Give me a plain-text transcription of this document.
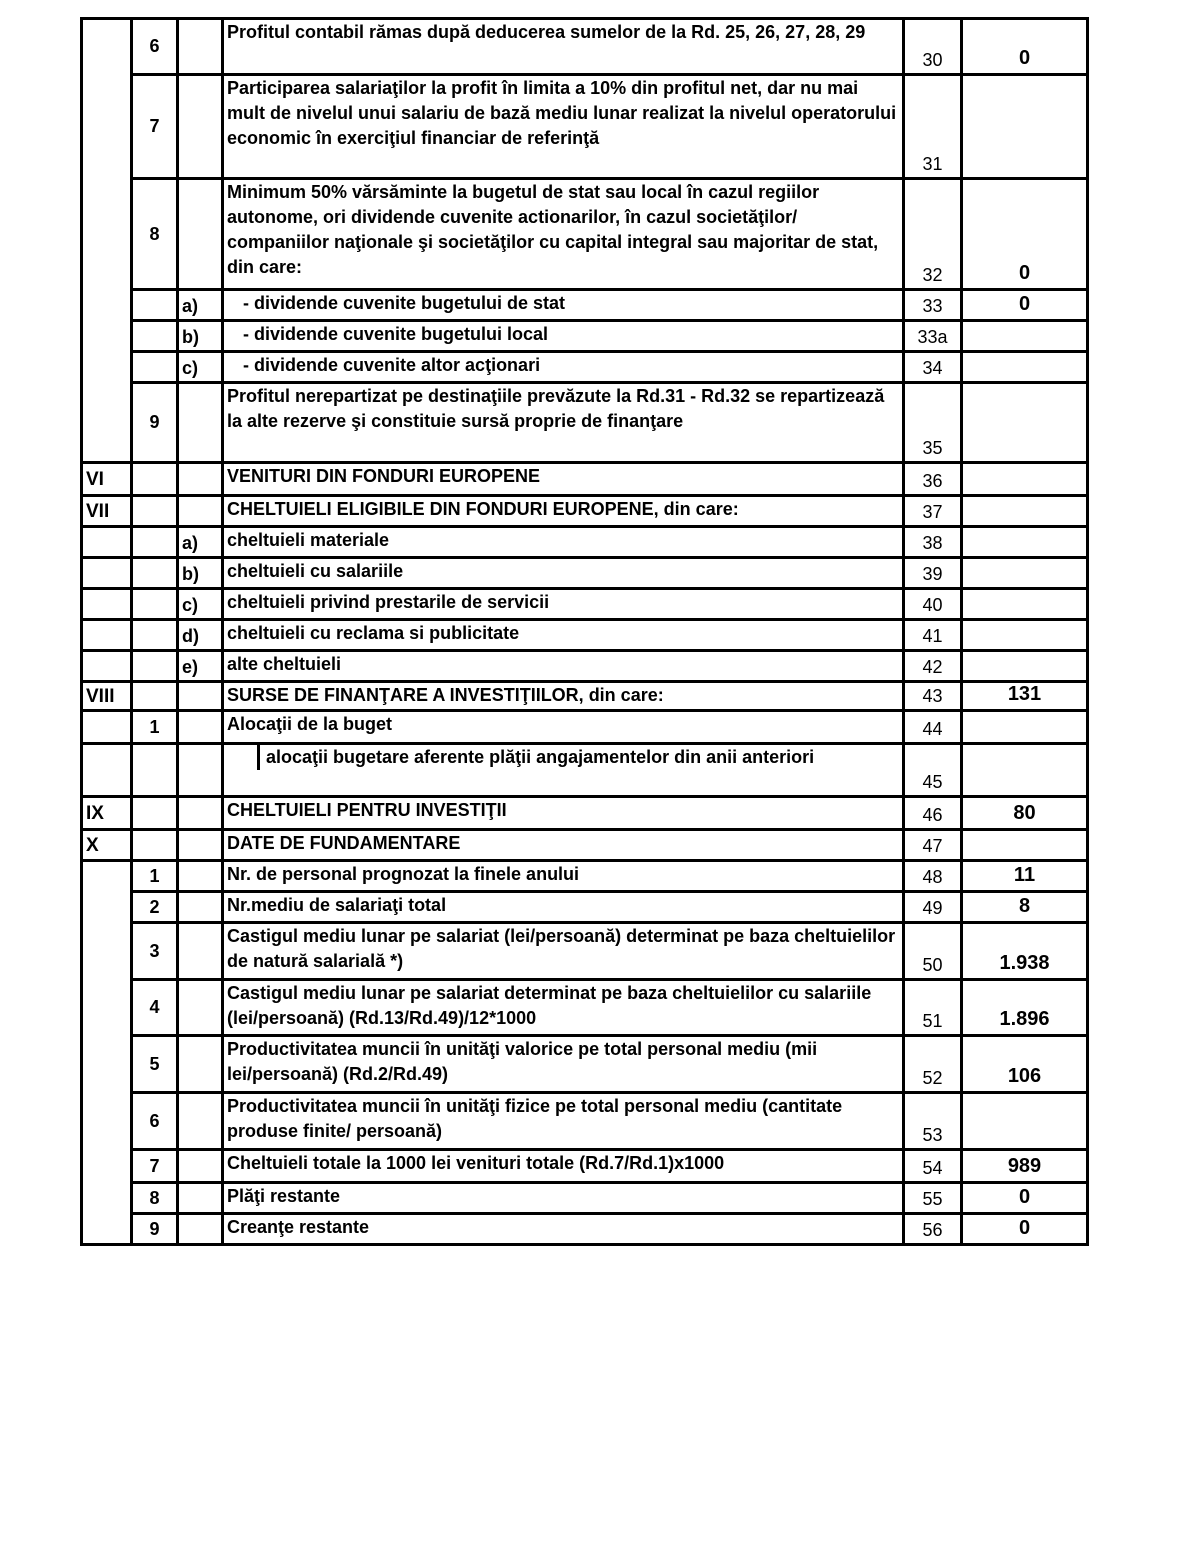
	6		Profitul contabil rămas după deducerea sumelor de la Rd. 25, 26, 27, 28, 29	30	0
	7		Participarea salariaţilor la profit în limita a 10% din profitul net, dar nu mai mult de nivelul unui salariu de bază mediu lunar realizat la nivelul operatorului economic în exerciţiul financiar de referinţă	31	
	8		Minimum 50% vărsăminte la bugetul de stat sau local în cazul regiilor autonome, ori dividende cuvenite actionarilor, în cazul societăţilor/ companiilor naţionale şi societăţilor cu capital integral sau majoritar de stat, din care:	32	0
		a)	- dividende cuvenite bugetului de stat	33	0
		b)	- dividende cuvenite bugetului local	33a	
		c)	- dividende cuvenite altor acţionari	34	
	9		Profitul nerepartizat pe destinaţiile prevăzute la Rd.31 - Rd.32 se repartizează la alte rezerve şi constituie sursă proprie de finanţare	35	
VI			VENITURI DIN FONDURI EUROPENE	36	
VII			CHELTUIELI ELIGIBILE DIN FONDURI EUROPENE, din care:	37	
		a)	cheltuieli materiale	38	
		b)	cheltuieli cu salariile	39	
		c)	cheltuieli privind prestarile de servicii	40	
		d)	cheltuieli cu reclama si publicitate	41	
		e)	alte cheltuieli	42	
VIII			SURSE DE FINANŢARE A INVESTIŢIILOR, din care:	43	131
	1		Alocaţii de la buget	44	

			alocaţii bugetare aferente plăţii angajamentelor din anii anteriori	45	
IX			CHELTUIELI PENTRU INVESTIŢII	46	80
X			DATE DE FUNDAMENTARE	47	
	1		Nr. de personal prognozat la finele anului	48	11
	2		Nr.mediu de salariaţi total	49	8
	3		Castigul mediu lunar pe salariat (lei/persoană) determinat pe baza cheltuielilor de natură salarială *)	50	1.938
	4		Castigul mediu lunar pe salariat determinat pe baza cheltuielilor cu salariile (lei/persoană) (Rd.13/Rd.49)/12*1000	51	1.896
	5		Productivitatea muncii în unităţi valorice pe total personal mediu (mii lei/persoană) (Rd.2/Rd.49)	52	106
	6		Productivitatea muncii în unităţi fizice pe total personal mediu (cantitate produse finite/ persoană)	53	
	7		Cheltuieli totale la 1000 lei venituri totale (Rd.7/Rd.1)x1000	54	989
	8		Plăţi restante	55	0
	9		Creanţe restante	56	0
